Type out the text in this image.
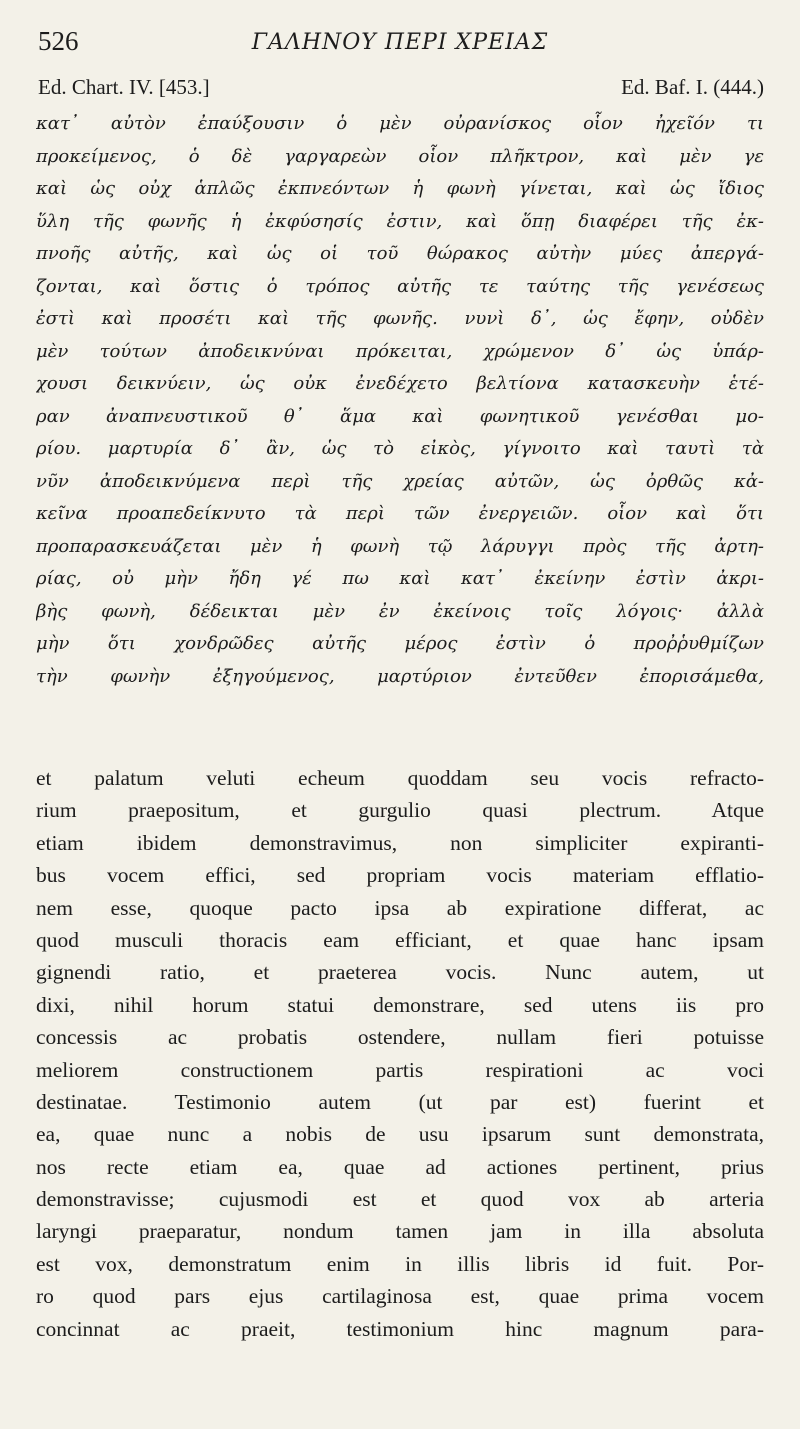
526	ΓΑΛΗΝΟΥ ΠΕΡΙ ΧΡΕΙΑΣ
Ed. Chart. IV. [453.]	Ed. Baf. I. (444.)
κατ᾽ αὐτὸν ἐπαύξουσιν ὁ μὲν οὐρανίσκος οἷον ἠχεῖόν τι
προκείμενος, ὁ δὲ γαργαρεὼν οἷον πλῆκτρον, καὶ μὲν γε
καὶ ὡς οὐχ ἁπλῶς ἐκπνεόντων ἡ φωνὴ γίνεται, καὶ ὡς ἴδιος
ὕλη τῆς φωνῆς ἡ ἐκφύσησίς ἐστιν, καὶ ὅπῃ διαφέρει τῆς ἐκ-
πνοῆς αὐτῆς, καὶ ὡς οἱ τοῦ θώρακος αὐτὴν μύες ἀπεργά-
ζονται, καὶ ὅστις ὁ τρόπος αὐτῆς τε ταύτης τῆς γενέσεως
ἐστὶ καὶ προσέτι καὶ τῆς φωνῆς. νυνὶ δ᾽, ὡς ἔφην, οὐδὲν
μὲν τούτων ἀποδεικνύναι πρόκειται, χρώμενον δ᾽ ὡς ὑπάρ-
χουσι δεικνύειν, ὡς οὐκ ἐνεδέχετο βελτίονα κατασκευὴν ἑτέ-
ραν ἀναπνευστικοῦ θ᾽ ἅμα καὶ φωνητικοῦ γενέσθαι μο-
ρίου. μαρτυρία δ᾽ ἂν, ὡς τὸ εἰκὸς, γίγνοιτο καὶ ταυτὶ τὰ
νῦν ἀποδεικνύμενα περὶ τῆς χρείας αὐτῶν, ὡς ὀρθῶς κἀ-
κεῖνα προαπεδείκνυτο τὰ περὶ τῶν ἐνεργειῶν. οἷον καὶ ὅτι
προπαρασκευάζεται μὲν ἡ φωνὴ τῷ λάρυγγι πρὸς τῆς ἀρτη-
ρίας, οὐ μὴν ἤδη γέ πω καὶ κατ᾽ ἐκείνην ἐστὶν ἀκρι-
βὴς φωνὴ, δέδεικται μὲν ἐν ἐκείνοις τοῖς λόγοις· ἀλλὰ
μὴν ὅτι χονδρῶδες αὐτῆς μέρος ἐστὶν ὁ προῤῥυθμίζων
τὴν φωνὴν ἐξηγούμενος, μαρτύριον ἐντεῦθεν ἐπορισάμεθα,
et palatum veluti echeum quoddam seu vocis refracto-
rium praepositum, et gurgulio quasi plectrum. Atque
etiam ibidem demonstravimus, non simpliciter expiranti-
bus vocem effici, sed propriam vocis materiam efflatio-
nem esse, quoque pacto ipsa ab expiratione differat, ac
quod musculi thoracis eam efficiant, et quae hanc ipsam
gignendi ratio, et praeterea vocis. Nunc autem, ut
dixi, nihil horum statui demonstrare, sed utens iis pro
concessis ac probatis ostendere, nullam fieri potuisse
meliorem constructionem partis respirationi ac voci
destinatae. Testimonio autem (ut par est) fuerint et
ea, quae nunc a nobis de usu ipsarum sunt demonstrata,
nos recte etiam ea, quae ad actiones pertinent, prius
demonstravisse; cujusmodi est et quod vox ab arteria
laryngi praeparatur, nondum tamen jam in illa absoluta
est vox, demonstratum enim in illis libris id fuit. Por-
ro quod pars ejus cartilaginosa est, quae prima vocem
concinnat ac praeit, testimonium hinc magnum para-
